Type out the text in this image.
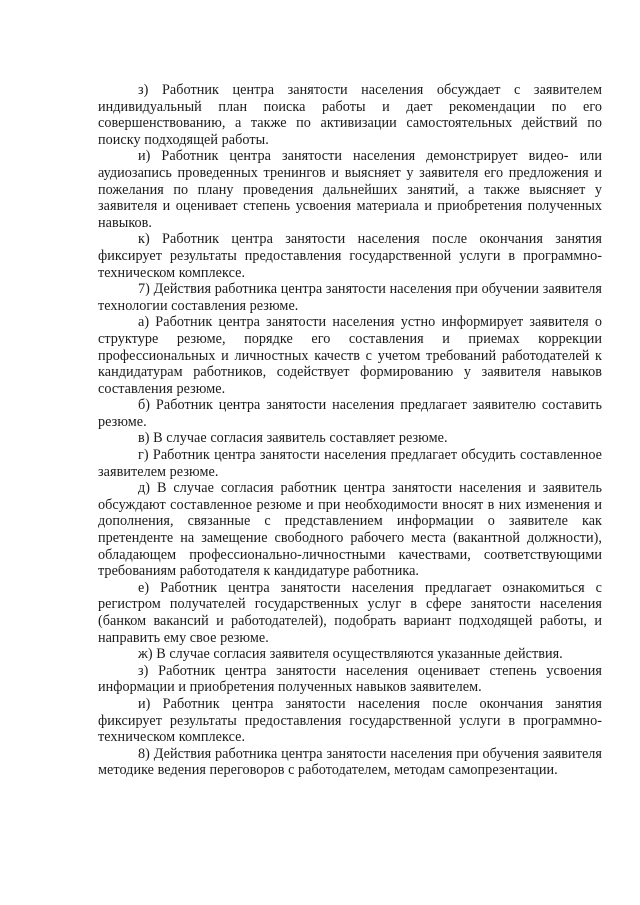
з) Работник центра занятости населения обсуждает с заявителем индивидуальный план поиска работы и дает рекомендации по его совершенствованию, а также по активизации самостоятельных действий по поиску подходящей работы.

и) Работник центра занятости населения демонстрирует видео- или аудиозапись проведенных тренингов и выясняет у заявителя его предложения и пожелания по плану проведения дальнейших занятий, а также выясняет у заявителя и оценивает степень усвоения материала и приобретения полученных навыков.

к) Работник центра занятости населения после окончания занятия фиксирует результаты предоставления государственной услуги в программно-техническом комплексе.

7) Действия работника центра занятости населения при обучении заявителя технологии составления резюме.

а) Работник центра занятости населения устно информирует заявителя о структуре резюме, порядке его составления и приемах коррекции профессиональных и личностных качеств с учетом требований работодателей к кандидатурам работников, содействует формированию у заявителя навыков составления резюме.

б) Работник центра занятости населения предлагает заявителю составить резюме.

в) В случае согласия заявитель составляет резюме.

г) Работник центра занятости населения предлагает обсудить составленное заявителем резюме.

д) В случае согласия работник центра занятости населения и заявитель обсуждают составленное резюме и при необходимости вносят в них изменения и дополнения, связанные с представлением информации о заявителе как претенденте на замещение свободного рабочего места (вакантной должности), обладающем профессионально-личностными качествами, соответствующими требованиям работодателя к кандидатуре работника.

е) Работник центра занятости населения предлагает ознакомиться с регистром получателей государственных услуг в сфере занятости населения (банком вакансий и работодателей), подобрать вариант подходящей работы, и направить ему свое резюме.

ж) В случае согласия заявителя осуществляются указанные действия.

з) Работник центра занятости населения оценивает степень усвоения информации и приобретения полученных навыков заявителем.

и) Работник центра занятости населения после окончания занятия фиксирует результаты предоставления государственной услуги в программно-техническом комплексе.

8) Действия работника центра занятости населения при обучения заявителя методике ведения переговоров с работодателем, методам самопрезентации.
